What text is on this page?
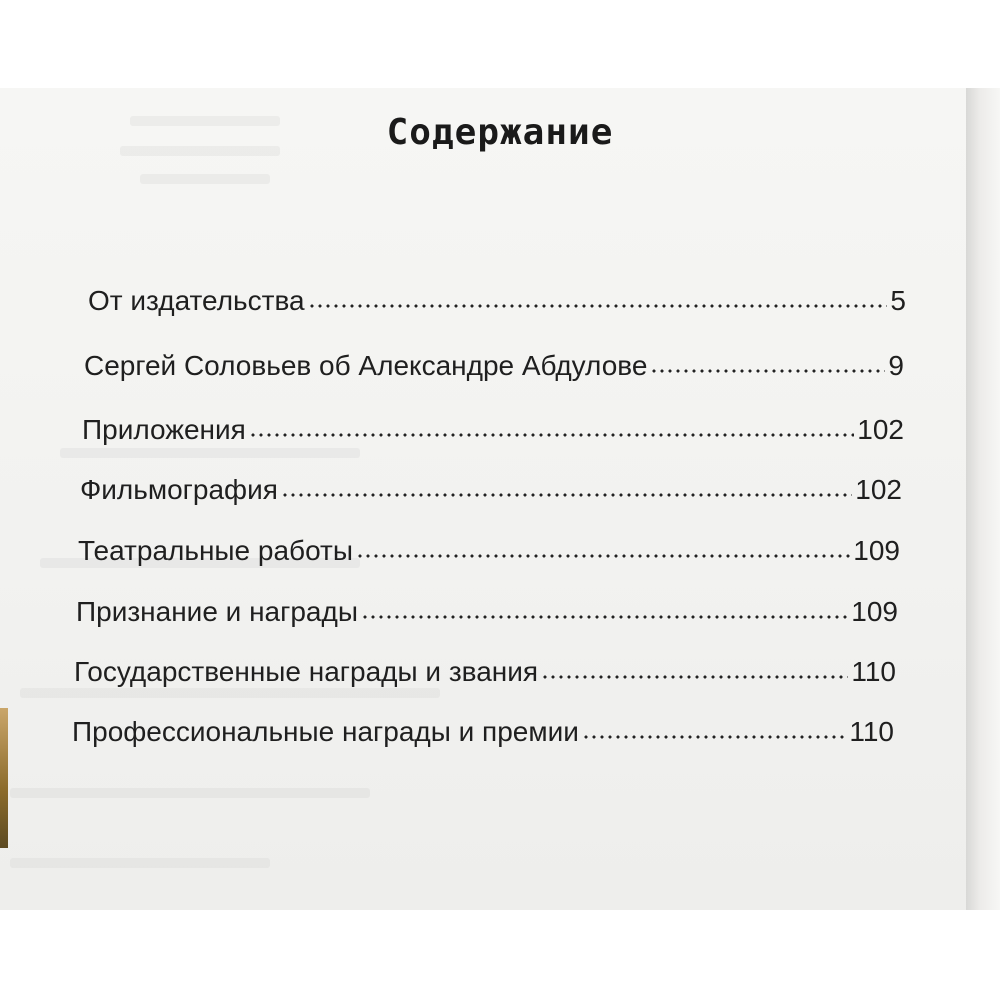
Содержание
От издательства	5
Сергей Соловьев об Александре Абдулове	9
Приложения	102
Фильмография	102
Театральные работы	109
Признание и награды	109
Государственные награды и звания	110
Профессиональные награды и премии	110
